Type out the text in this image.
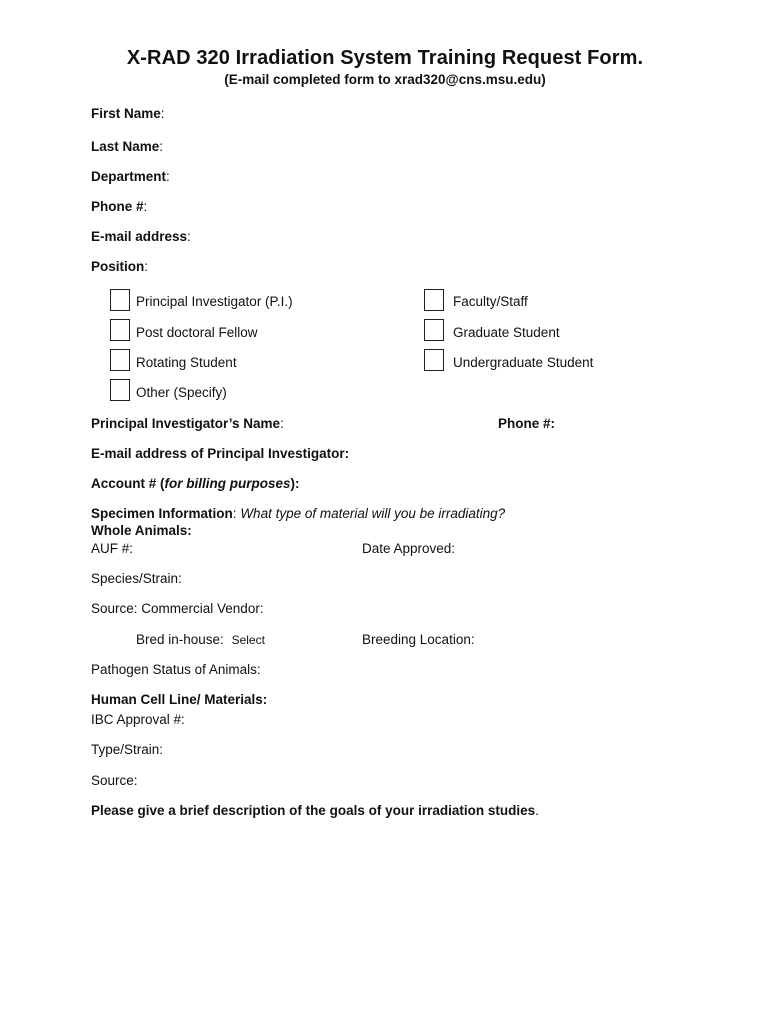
X-RAD 320 Irradiation System Training Request Form.
(E-mail completed form to xrad320@cns.msu.edu)
First Name:
Last Name:
Department:
Phone #:
E-mail address:
Position:
Principal Investigator (P.I.)	Faculty/Staff
Post doctoral Fellow	Graduate Student
Rotating Student	Undergraduate Student
Other (Specify)
Principal Investigator’s Name:	Phone #:
E-mail address of Principal Investigator:
Account # (for billing purposes):
Specimen Information: What type of material will you be irradiating?
Whole Animals:
AUF #:	Date Approved:
Species/Strain:
Source: Commercial Vendor:
Bred in-house: Select	Breeding Location:
Pathogen Status of Animals:
Human Cell Line/ Materials:
IBC Approval #:
Type/Strain:
Source:
Please give a brief description of the goals of your irradiation studies.
